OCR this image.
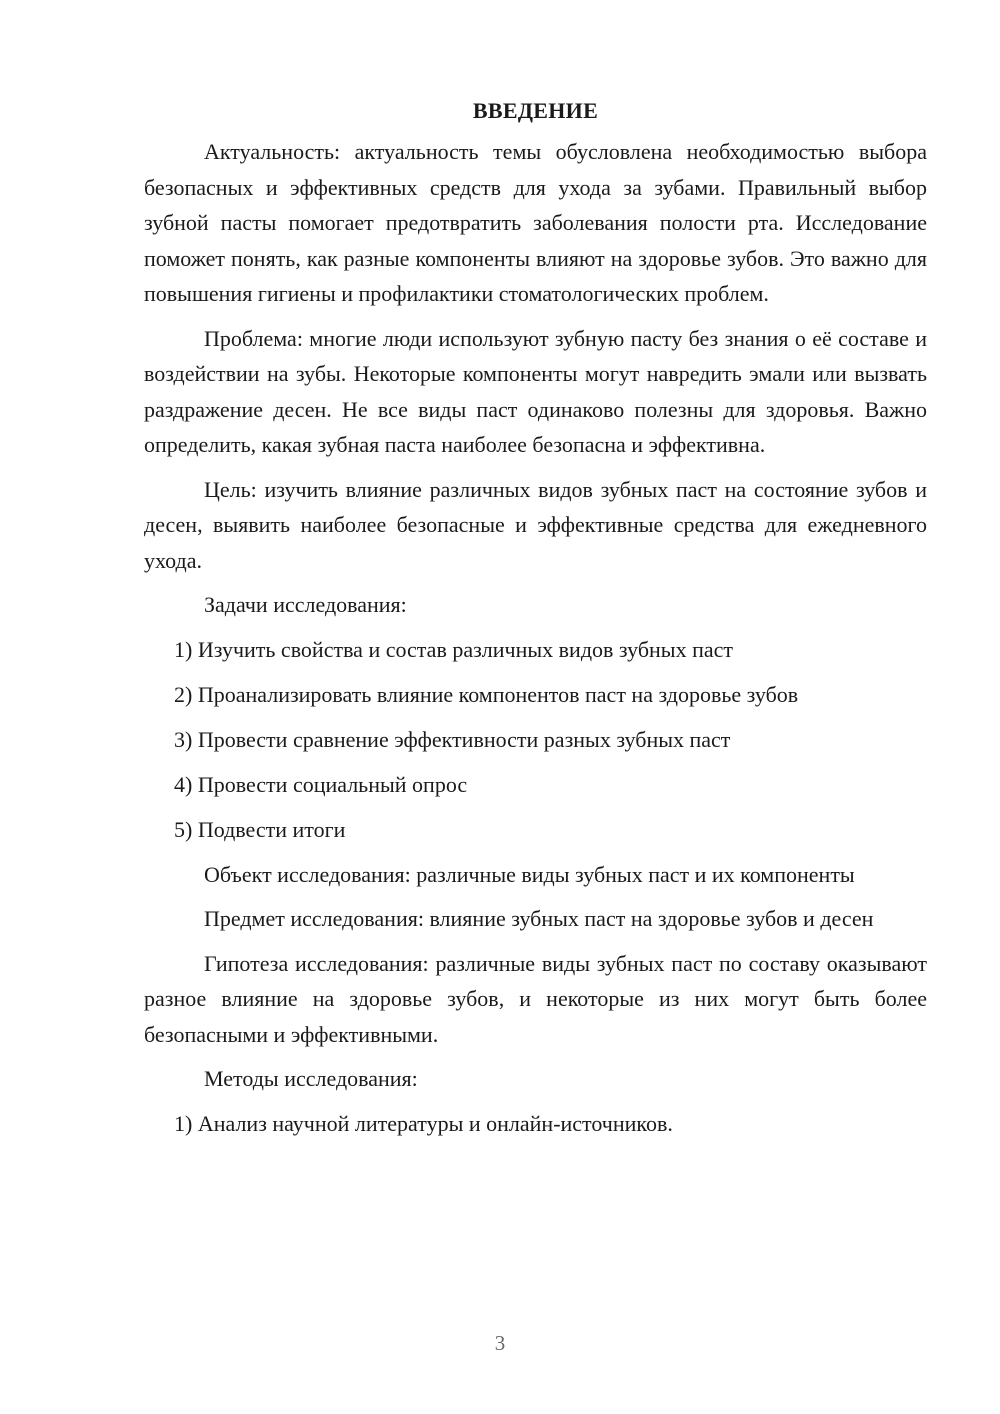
ВВЕДЕНИЕ

Актуальность: актуальность темы обусловлена необходимостью выбора безопасных и эффективных средств для ухода за зубами. Правильный выбор зубной пасты помогает предотвратить заболевания полости рта. Исследование поможет понять, как разные компоненты влияют на здоровье зубов. Это важно для повышения гигиены и профилактики стоматологических проблем.

Проблема: многие люди используют зубную пасту без знания о её составе и воздействии на зубы. Некоторые компоненты могут навредить эмали или вызвать раздражение десен. Не все виды паст одинаково полезны для здоровья. Важно определить, какая зубная паста наиболее безопасна и эффективна.

Цель: изучить влияние различных видов зубных паст на состояние зубов и десен, выявить наиболее безопасные и эффективные средства для ежедневного ухода.

Задачи исследования:

1) Изучить свойства и состав различных видов зубных паст

2) Проанализировать влияние компонентов паст на здоровье зубов

3) Провести сравнение эффективности разных зубных паст

4) Провести социальный опрос

5) Подвести итоги

Объект исследования: различные виды зубных паст и их компоненты

Предмет исследования: влияние зубных паст на здоровье зубов и десен

Гипотеза исследования: различные виды зубных паст по составу оказывают разное влияние на здоровье зубов, и некоторые из них могут быть более безопасными и эффективными.

Методы исследования:

1) Анализ научной литературы и онлайн-источников.

3
